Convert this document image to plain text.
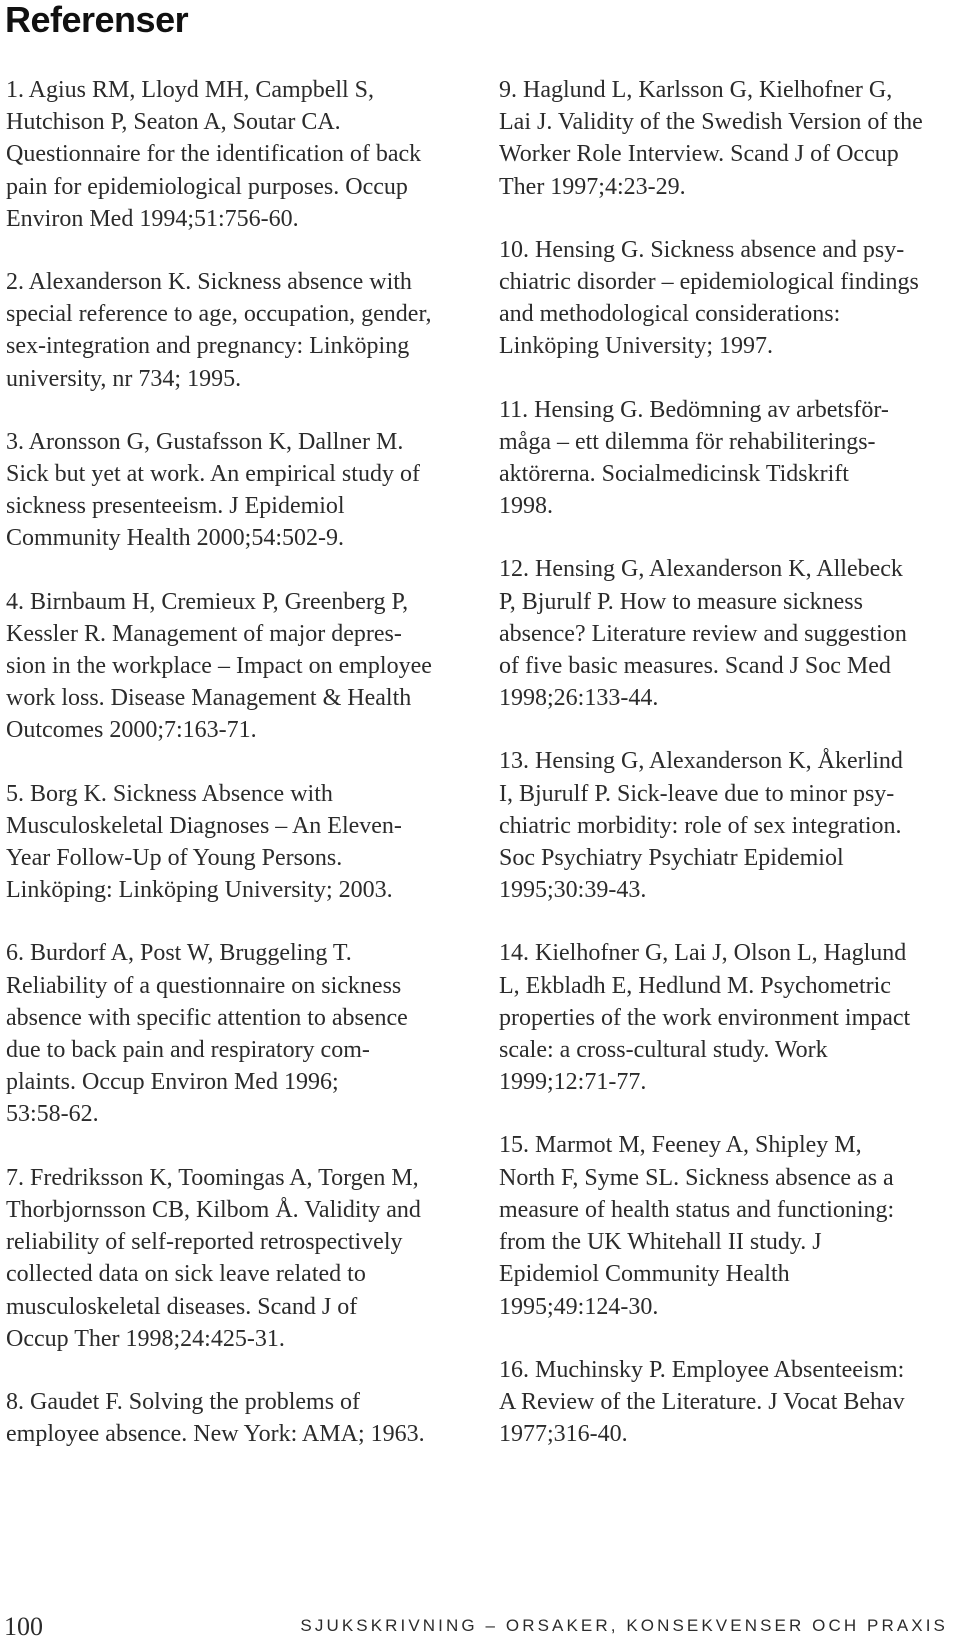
Referenser

1. Agius RM, Lloyd MH, Campbell S,
Hutchison P, Seaton A, Soutar CA.
Questionnaire for the identification of back
pain for epidemiological purposes. Occup
Environ Med 1994;51:756-60.

2. Alexanderson K. Sickness absence with
special reference to age, occupation, gender,
sex-integration and pregnancy: Linköping
university, nr 734; 1995.

3. Aronsson G, Gustafsson K, Dallner M.
Sick but yet at work. An empirical study of
sickness presenteeism. J Epidemiol
Community Health 2000;54:502-9.

4. Birnbaum H, Cremieux P, Greenberg P,
Kessler R. Management of major depres-
sion in the workplace – Impact on employee
work loss. Disease Management & Health
Outcomes 2000;7:163-71.

5. Borg K. Sickness Absence with
Musculoskeletal Diagnoses – An Eleven-
Year Follow-Up of Young Persons.
Linköping: Linköping University; 2003.

6. Burdorf A, Post W, Bruggeling T.
Reliability of a questionnaire on sickness
absence with specific attention to absence
due to back pain and respiratory com-
plaints. Occup Environ Med 1996;
53:58-62.

7. Fredriksson K, Toomingas A, Torgen M,
Thorbjornsson CB, Kilbom Å. Validity and
reliability of self-reported retrospectively
collected data on sick leave related to
musculoskeletal diseases. Scand J of
Occup Ther 1998;24:425-31.

8. Gaudet F. Solving the problems of
employee absence. New York: AMA; 1963.

9. Haglund L, Karlsson G, Kielhofner G,
Lai J. Validity of the Swedish Version of the
Worker Role Interview. Scand J of Occup
Ther 1997;4:23-29.

10. Hensing G. Sickness absence and psy-
chiatric disorder – epidemiological findings
and methodological considerations:
Linköping University; 1997.

11. Hensing G. Bedömning av arbetsför-
måga – ett dilemma för rehabiliterings-
aktörerna. Socialmedicinsk Tidskrift
1998.

12. Hensing G, Alexanderson K, Allebeck
P, Bjurulf P. How to measure sickness
absence? Literature review and suggestion
of five basic measures. Scand J Soc Med
1998;26:133-44.

13. Hensing G, Alexanderson K, Åkerlind
I, Bjurulf P. Sick-leave due to minor psy-
chiatric morbidity: role of sex integration.
Soc Psychiatry Psychiatr Epidemiol
1995;30:39-43.

14. Kielhofner G, Lai J, Olson L, Haglund
L, Ekbladh E, Hedlund M. Psychometric
properties of the work environment impact
scale: a cross-cultural study. Work
1999;12:71-77.

15. Marmot M, Feeney A, Shipley M,
North F, Syme SL. Sickness absence as a
measure of health status and functioning:
from the UK Whitehall II study. J
Epidemiol Community Health
1995;49:124-30.

16. Muchinsky P. Employee Absenteeism:
A Review of the Literature. J Vocat Behav
1977;316-40.

100	SJUKSKRIVNING – ORSAKER, KONSEKVENSER OCH PRAXIS
